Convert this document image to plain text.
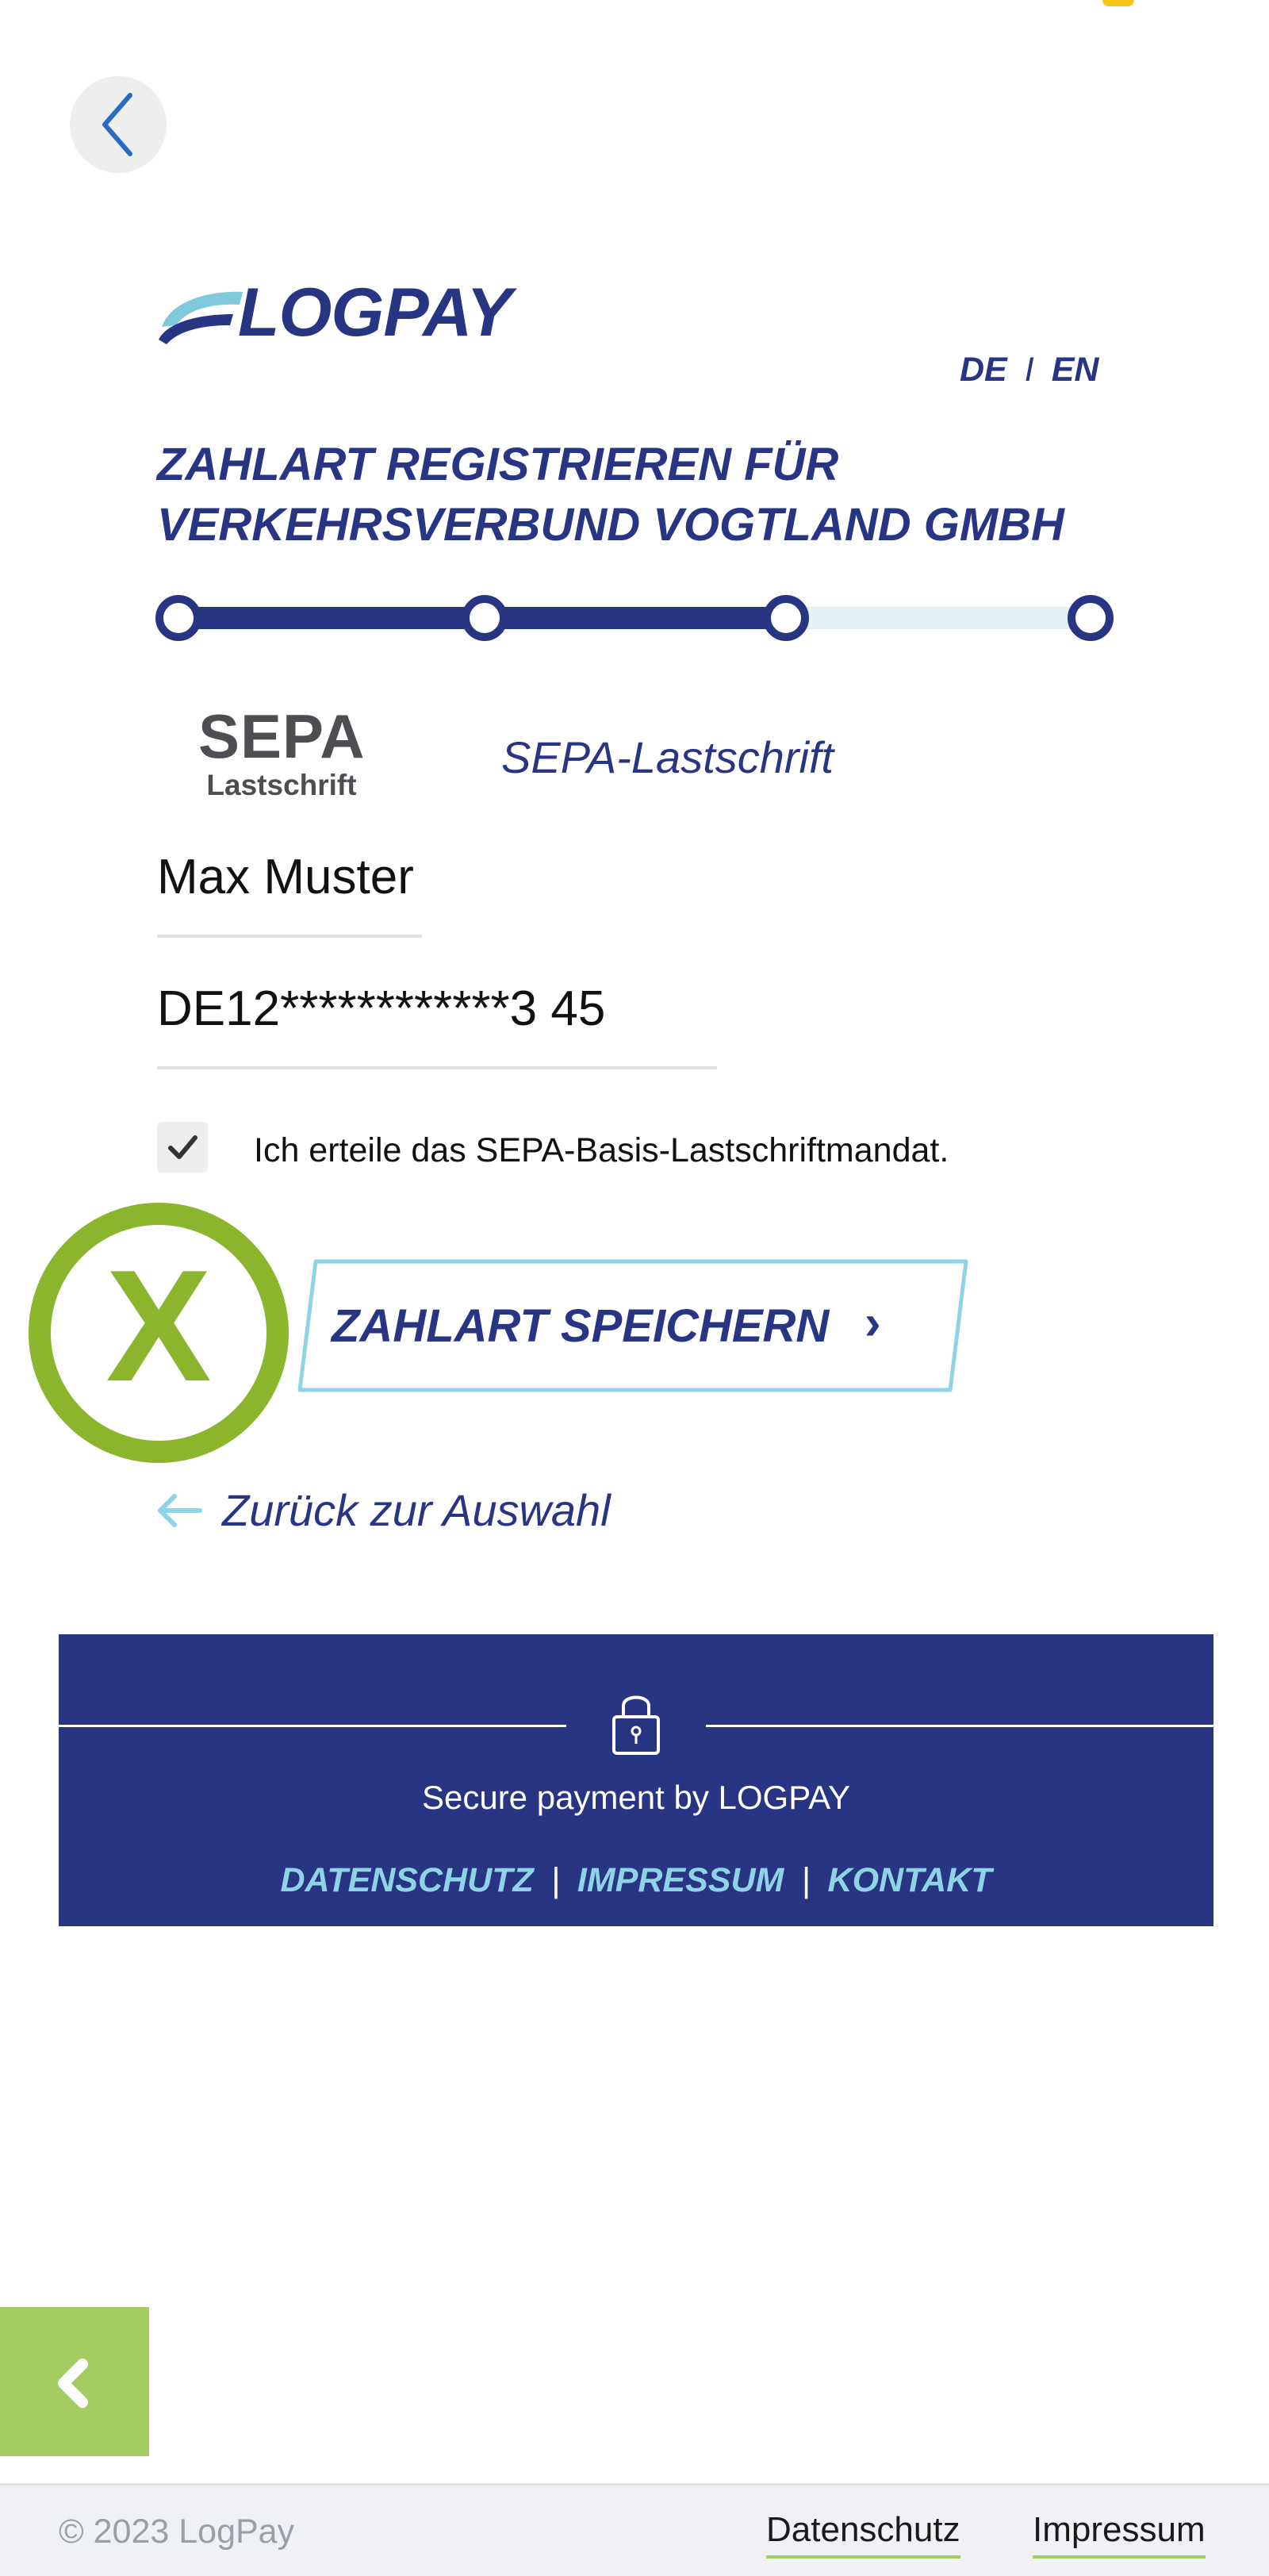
LOGPAY
DE I EN
ZAHLART REGISTRIEREN FÜR
VERKEHRSVERBUND VOGTLAND GMBH
SEPA
Lastschrift
SEPA-Lastschrift
Max Muster
DE12************3 45
Ich erteile das SEPA-Basis-Lastschriftmandat.
ZAHLART SPEICHERN ›
X
Zurück zur Auswahl
Secure payment by LOGPAY
DATENSCHUTZ | IMPRESSUM | KONTAKT
© 2023 LogPay	Datenschutz Impressum
